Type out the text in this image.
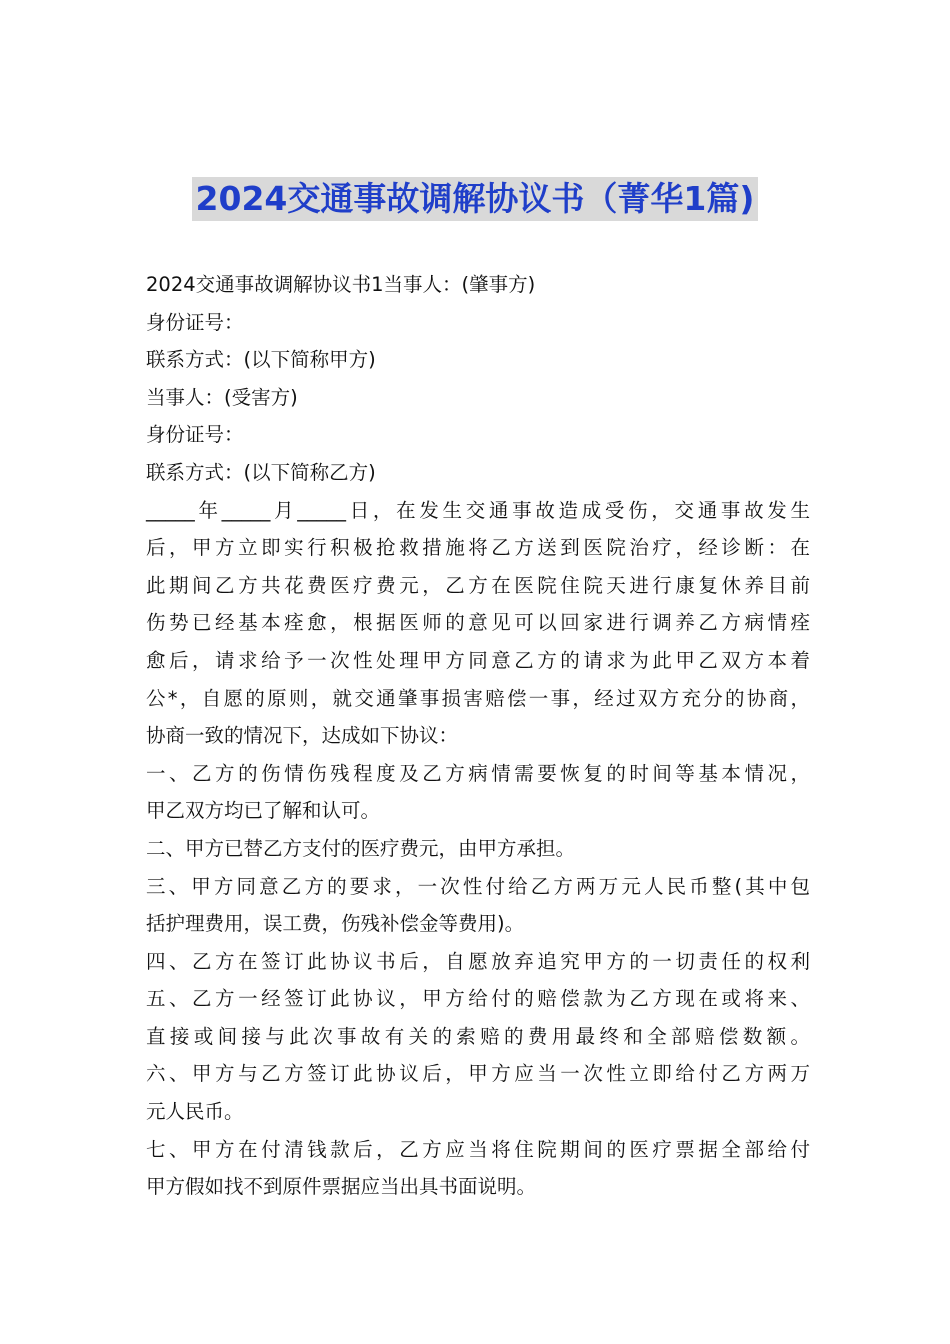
2024交通事故调解协议书（菁华1篇)
2024交通事故调解协议书1当事人：(肇事方)
身份证号：
联系方式：(以下简称甲方)
当事人：(受害方)
身份证号：
联系方式：(以下简称乙方)
_____年_____月_____日，在发生交通事故造成受伤，交通事故发生
后，甲方立即实行积极抢救措施将乙方送到医院治疗，经诊断：在
此期间乙方共花费医疗费元，乙方在医院住院天进行康复休养目前
伤势已经基本痊愈，根据医师的意见可以回家进行调养乙方病情痊
愈后，请求给予一次性处理甲方同意乙方的请求为此甲乙双方本着
公*，自愿的原则，就交通肇事损害赔偿一事，经过双方充分的协商，
协商一致的情况下，达成如下协议：
一、乙方的伤情伤残程度及乙方病情需要恢复的时间等基本情况，
甲乙双方均已了解和认可。
二、甲方已替乙方支付的医疗费元，由甲方承担。
三、甲方同意乙方的要求，一次性付给乙方两万元人民币整(其中包
括护理费用，误工费，伤残补偿金等费用)。
四、乙方在签订此协议书后，自愿放弃追究甲方的一切责任的权利
五、乙方一经签订此协议，甲方给付的赔偿款为乙方现在或将来、
直接或间接与此次事故有关的索赔的费用最终和全部赔偿数额。
六、甲方与乙方签订此协议后，甲方应当一次性立即给付乙方两万
元人民币。
七、甲方在付清钱款后，乙方应当将住院期间的医疗票据全部给付
甲方假如找不到原件票据应当出具书面说明。
